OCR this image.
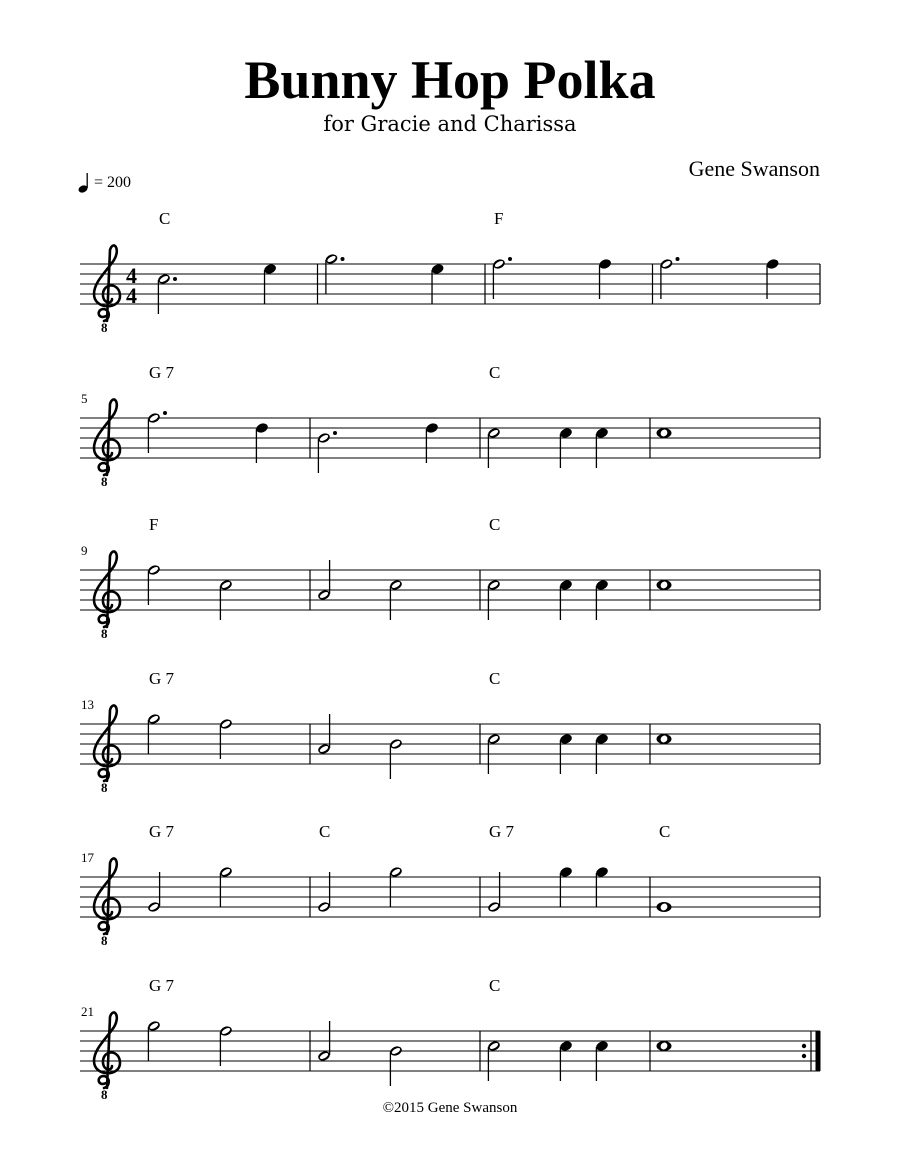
Bunny Hop Polka
for Gracie and Charissa
Gene Swanson
= 200
8
4
4
C	F
8
5
G 7	C
8
9
F	C
8
13
G 7	C
8
17
G 7	C	G 7	C
8
21
G 7	C
©2015 Gene Swanson
